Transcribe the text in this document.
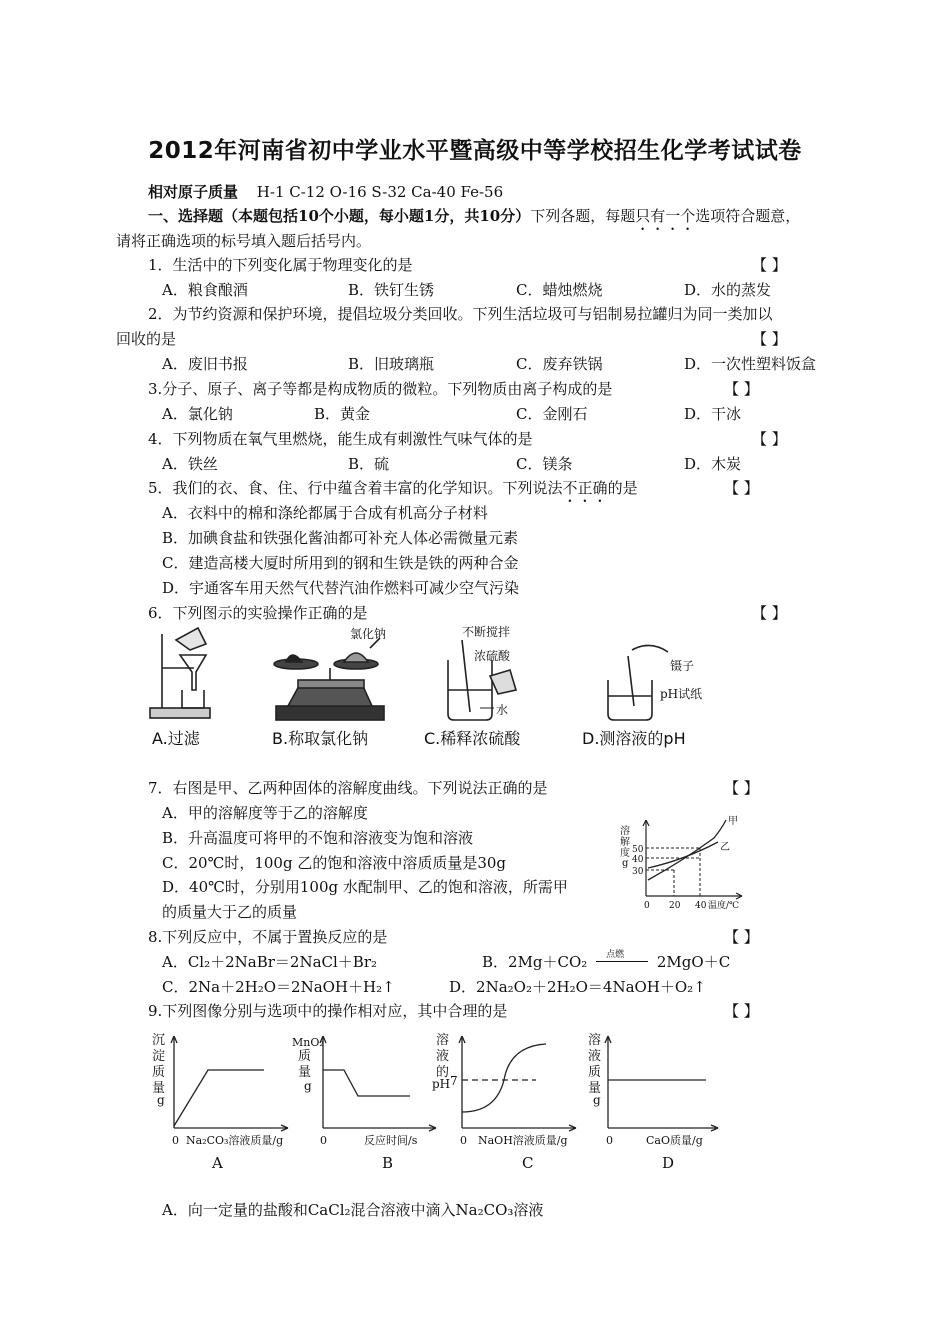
2012年河南省初中学业水平暨高级中等学校招生化学考试试卷
相对原子质量 H-1 C-12 O-16 S-32 Ca-40 Fe-56
一、选择题（本题包括10个小题，每小题1分，共10分）下列各题，每题只有一个选项符合题意，
请将正确选项的标号填入题后括号内。
1．生活中的下列变化属于物理变化的是	【 】
A．粮食酿酒	B．铁钉生锈	C．蜡烛燃烧	D．水的蒸发
2．为节约资源和保护环境，提倡垃圾分类回收。下列生活垃圾可与铝制易拉罐归为同一类加以
回收的是	【 】
A．废旧书报	B．旧玻璃瓶	C．废弃铁锅	D．一次性塑料饭盒
3.分子、原子、离子等都是构成物质的微粒。下列物质由离子构成的是	【 】
A．氯化钠	B．黄金	C．金刚石	D．干冰
4．下列物质在氧气里燃烧，能生成有刺激性气味气体的是	【 】
A．铁丝	B．硫	C．镁条	D．木炭
5．我们的衣、食、住、行中蕴含着丰富的化学知识。下列说法不正确的是	【 】
A．衣料中的棉和涤纶都属于合成有机高分子材料
B．加碘食盐和铁强化酱油都可补充人体必需微量元素
C．建造高楼大厦时所用到的钢和生铁是铁的两种合金
D．宇通客车用天然气代替汽油作燃料可减少空气污染
6．下列图示的实验操作正确的是	【 】
氯化钠	不断搅拌
浓硫酸
水
镊子
pH试纸
A.过滤	B.称取氯化钠	C.稀释浓硫酸	D.测溶液的pH
7．右图是甲、乙两种固体的溶解度曲线。下列说法正确的是	【 】
A．甲的溶解度等于乙的溶解度
B．升高温度可将甲的不饱和溶液变为饱和溶液
C．20℃时，100g 乙的饱和溶液中溶质质量是30g
D．40℃时，分别用100g 水配制甲、乙的饱和溶液，所需甲
的质量大于乙的质量
溶
解
度
g
50
40
30
0 20 40 温度/℃
甲
乙
8.下列反应中，不属于置换反应的是	【 】
A．Cl₂＋2NaBr＝2NaCl＋Br₂	B．2Mg＋CO₂ 点燃 2MgO＋C
C．2Na＋2H₂O＝2NaOH＋H₂↑	D．2Na₂O₂＋2H₂O＝4NaOH＋O₂↑
9.下列图像分别与选项中的操作相对应，其中合理的是	【 】
沉
淀
质
量
g
0 Na₂CO₃溶液质量/g
A
MnO₂
质
量
g
0	反应时间/s
B
溶
液
的
pH 7
0 NaOH溶液质量/g
C
溶
液
质
量
g
0	CaO质量/g
D
A．向一定量的盐酸和CaCl₂混合溶液中滴入Na₂CO₃溶液
